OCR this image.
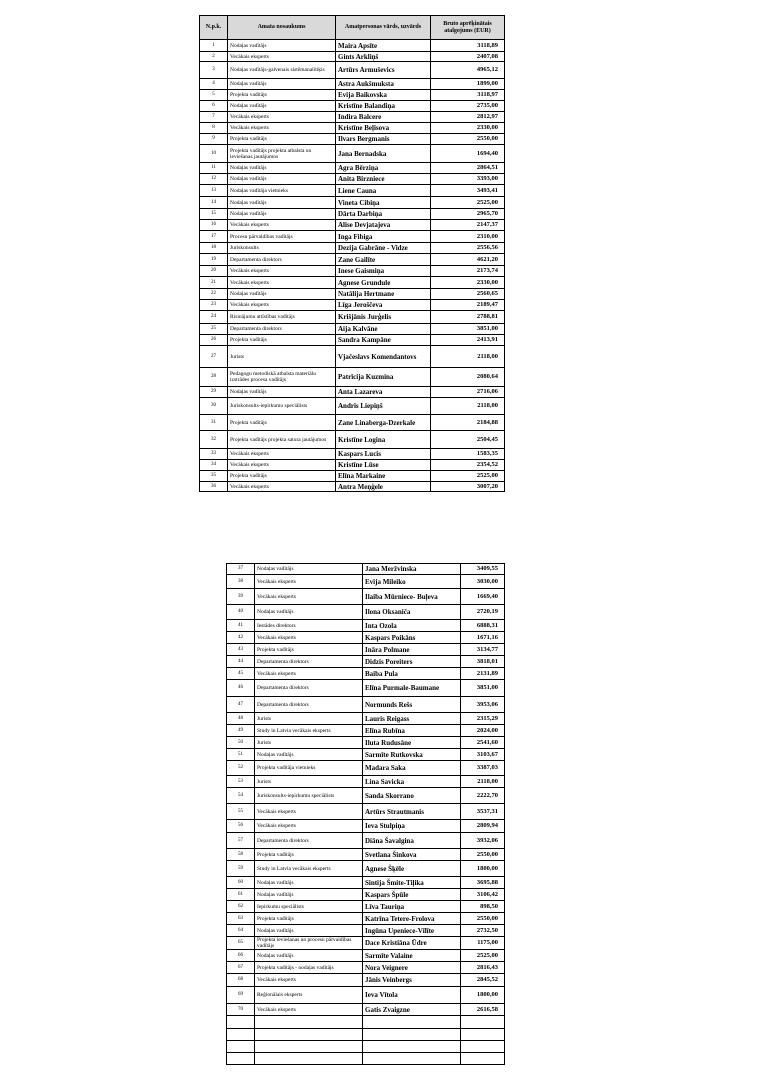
N.p.k.	Amata nosaukums	Amatpersonas vārds, uzvārds	Bruto aprēķinātais atalgojums (EUR)
1	Nodaļas vadītājs	Maira Apsīte	3118,89
2	Vecākais eksperts	Gints Arkliņš	2407,08
3	Nodaļas vadītājs-galvenais sistēmanalītiķis	Artūrs Armuševics	4965,12
4	Nodaļas vadītājs	Astra Aukšmuksta	1899,00
5	Projekta vadītājs	Evija Baikovska	3118,97
6	Nodaļas vadītājs	Kristīne Balandiņa	2735,00
7	Vecākais eksperts	Indira Balcere	2812,97
8	Vecākais eksperts	Kristīne Beļisova	2330,00
9	Projekta vadītājs	Ilvars Bergmanis	2550,00
10	Projekta vadītājs projekta atbalsta un ieviešanas jautājumos	Jana Bernadska	1694,40
11	Nodaļas vadītājs	Agra Bērziņa	2864,51
12	Nodaļas vadītājs	Anita Birzniece	3393,00
13	Nodaļas vadītāja vietnieks	Liene Cauna	3493,41
14	Nodaļas vadītājs	Vineta Cibiņa	2525,00
15	Nodaļas vadītājs	Dārta Darbiņa	2965,70
16	Vecākais eksperts	Alise Devjatajeva	2147,37
17	Procesu pārvaldības vadītājs	Inga Fibiga	2310,00
18	Juriskonsults	Dezija Gabrāne - Vidze	2556,56
19	Departamenta direktors	Zane Gailīte	4621,20
20	Vecākais eksperts	Inese Gaismiņa	2173,74
21	Vecākais eksperts	Agnese Grundule	2330,00
22	Nodaļas vadītājs	Natālija Hertmane	2560,65
23	Vecākais eksperts	Līga Jeroščeva	2189,47
24	Risinājumu attīstības vadītājs	Krišjānis Jurģelis	2788,81
25	Departamenta direktors	Aija Kalvāne	3851,00
26	Projekta vadītājs	Sandra Kampāne	2413,91
27	Jurists	Vjačeslavs Komendantovs	2118,00
28	Pedagogu metodiskā atbalsta materiālu izstrādes procesa vadītājs	Patrīcija Kuzmina	2080,64
29	Nodaļas vadītājs	Anta Lazareva	2716,06
30	Juriskonsults-iepirkumu speciālists	Andris Liepiņš	2118,00
31	Projekta vadītājs	Zane Linaberga-Dzerkale	2184,88
32	Projekta vadītājs projekta satura jautājumos	Kristīne Logina	2504,45
33	Vecākais eksperts	Kaspars Lucis	1583,35
34	Vecākais eksperts	Kristīne Lūse	2354,52
35	Projekta vadītājs	Elīna Markaine	2525,00
36	Vecākais eksperts	Antra Meņģele	3007,20
37	Nodaļas vadītājs	Jana Meržvinska	3409,55
38	Vecākais eksperts	Evija Mileiko	3030,00
39	Vecākais eksperts	Ilaiba Mūrniece- Buļeva	1669,40
40	Nodaļas vadītājs	Ilona Oksaniča	2720,19
41	Iestādes direktors	Inta Ozola	6888,31
42	Vecākais eksperts	Kaspars Poikāns	1671,16
43	Projekta vadītājs	Ināra Polmane	3134,77
44	Departamenta direktors	Didzis Poreiters	3818,01
45	Vecākais eksperts	Baiba Pula	2131,89
46	Departamenta direktors	Elīna Purmale-Baumane	3851,00
47	Departamenta direktors	Normunds Rešs	3953,06
48	Jurists	Lauris Reigass	2315,29
49	Study in Latvia vecākais eksperts	Elīna Rubīna	2024,00
50	Jurists	Iluta Rudusāne	2541,60
51	Nodaļas vadītājs	Sarmīte Rutkovska	3103,67
52	Projekta vadītāja vietnieks	Madara Saka	3387,03
53	Jurists	Lina Savicka	2118,00
54	Juriskonsults-iepirkumu speciālists	Sanda Skorrano	2222,70
55	Vecākais eksperts	Artūrs Strautmanis	3537,31
56	Vecākais eksperts	Ieva Stulpiņa	2809,94
57	Departamenta direktors	Diāna Šavalgina	3932,06
58	Projekta vadītājs	Svetlana Šinkova	2550,00
59	Study in Latvia vecākais eksperts	Agnese Šķēle	1800,00
60	Nodaļas vadītājs	Sintija Šmite-Tiļika	3695,88
61	Nodaļas vadītājs	Kaspars Špūle	3106,42
62	Iepirkumu speciālists	Līva Tauriņa	898,50
63	Projekta vadītājs	Katrīna Tetere-Frolova	2550,00
64	Nodaļas vadītājs	Ingūna Upeniece-Vīlīte	2732,50
65	Projekta ieviešanas un procesu pārvaldības vadītājs	Dace Kristiāna Ūdre	1175,00
66	Nodaļas vadītājs	Sarmīte Valaine	2525,00
67	Projekta vadītājs - nodaļas vadītājs	Nora Veignere	2816,43
68	Vecākais eksperts	Jānis Veinbergs	2845,52
69	Reģionālais eksperts	Ieva Vītola	1800,00
70	Vecākais eksperts	Gatis Zvaigzne	2616,58
